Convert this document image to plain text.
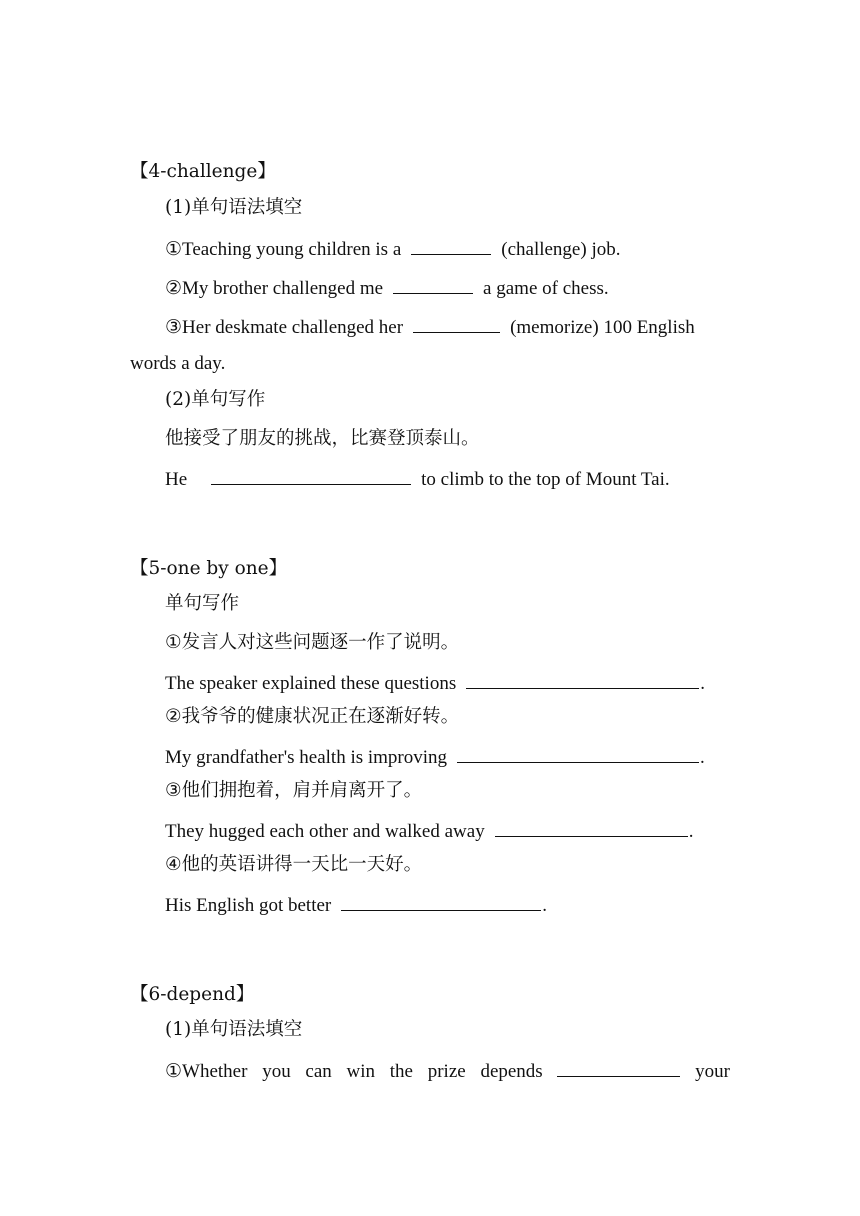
【4-challenge】
(1)单句语法填空
①Teaching young children is a	(challenge) job.
②My brother challenged me	a game of chess.
③Her deskmate challenged her	(memorize) 100 English
words a day.
(2)单句写作
他接受了朋友的挑战，比赛登顶泰山。
He	to climb to the top of Mount Tai.
【5-one by one】
单句写作
①发言人对这些问题逐一作了说明。
The speaker explained these questions	.
②我爷爷的健康状况正在逐渐好转。
My grandfather's health is improving	.
③他们拥抱着，肩并肩离开了。
They hugged each other and walked away	.
④他的英语讲得一天比一天好。
His English got better	.
【6-depend】
(1)单句语法填空
①Whether you can win the prize depends	your
